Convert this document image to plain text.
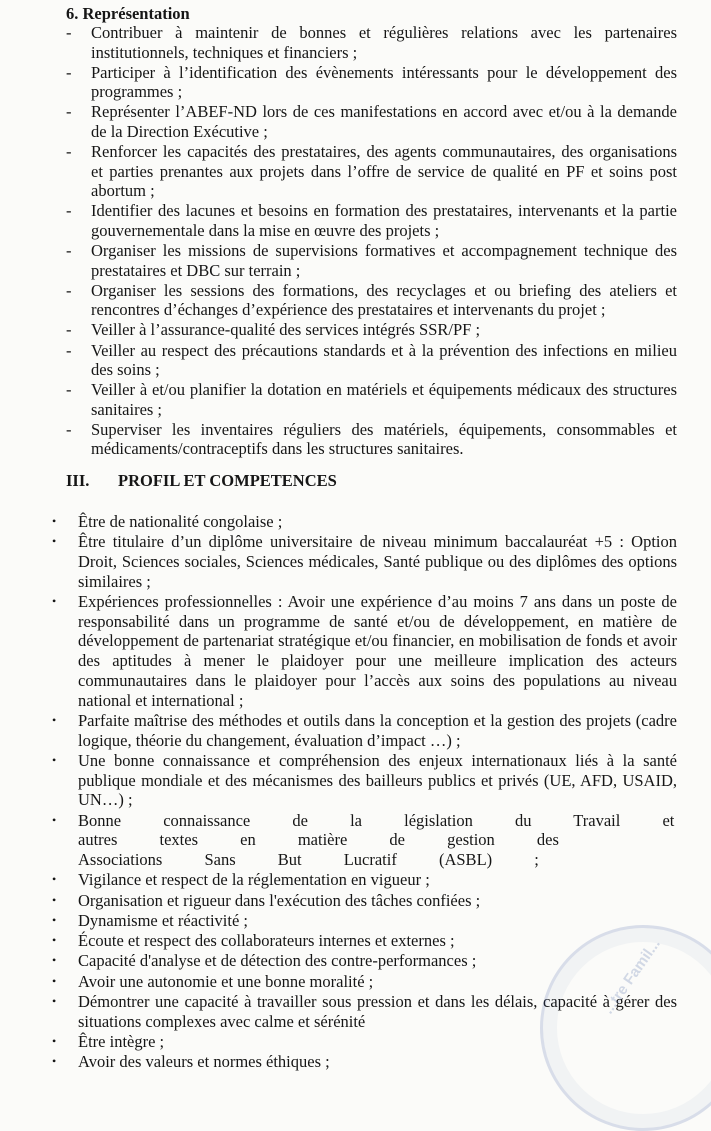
6. Représentation
-	Contribuer à maintenir de bonnes et régulières relations avec les partenaires institutionnels, techniques et financiers ;
-	Participer à l’identification des évènements intéressants pour le développement des programmes ;
-	Représenter l’ABEF-ND lors de ces manifestations en accord avec et/ou à la demande de la Direction Exécutive ;
-	Renforcer les capacités des prestataires, des agents communautaires, des organisations et parties prenantes aux projets dans l’offre de service de qualité en PF et soins post abortum ;
-	Identifier des lacunes et besoins en formation des prestataires, intervenants et la partie gouvernementale dans la mise en œuvre des projets ;
-	Organiser les missions de supervisions formatives et accompagnement technique des prestataires et DBC sur terrain ;
-	Organiser les sessions des formations, des recyclages et ou briefing des ateliers et rencontres d’échanges d’expérience des prestataires et intervenants du projet ;
-	Veiller à l’assurance-qualité des services intégrés SSR/PF ;
-	Veiller au respect des précautions standards et à la prévention des infections en milieu des soins ;
-	Veiller à et/ou planifier la dotation en matériels et équipements médicaux des structures sanitaires ;
-	Superviser les inventaires réguliers des matériels, équipements, consommables et médicaments/contraceptifs dans les structures sanitaires.
III. PROFIL ET COMPETENCES
• Être de nationalité congolaise ;
• Être titulaire d’un diplôme universitaire de niveau minimum baccalauréat +5 : Option Droit, Sciences sociales, Sciences médicales, Santé publique ou des diplômes des options similaires ;
• Expériences professionnelles : Avoir une expérience d’au moins 7 ans dans un poste de responsabilité dans un programme de santé et/ou de développement, en matière de développement de partenariat stratégique et/ou financier, en mobilisation de fonds et avoir des aptitudes à mener le plaidoyer pour une meilleure implication des acteurs communautaires dans le plaidoyer pour l’accès aux soins des populations au niveau national et international ;
• Parfaite maîtrise des méthodes et outils dans la conception et la gestion des projets (cadre logique, théorie du changement, évaluation d’impact …) ;
• Une bonne connaissance et compréhension des enjeux internationaux liés à la santé publique mondiale et des mécanismes des bailleurs publics et privés (UE, AFD, USAID, UN…) ;
• Bonne connaissance de la législation du Travail et autres textes en matière de gestion des Associations Sans But Lucratif (ASBL) ;
• Vigilance et respect de la réglementation en vigueur ;
• Organisation et rigueur dans l'exécution des tâches confiées ;
• Dynamisme et réactivité ;
• Écoute et respect des collaborateurs internes et externes ;
• Capacité d'analyse et de détection des contre-performances ;
• Avoir une autonomie et une bonne moralité ;
• Démontrer une capacité à travailler sous pression et dans les délais, capacité à gérer des situations complexes avec calme et sérénité
• Être intègre ;
• Avoir des valeurs et normes éthiques ;
...tre Famil...
